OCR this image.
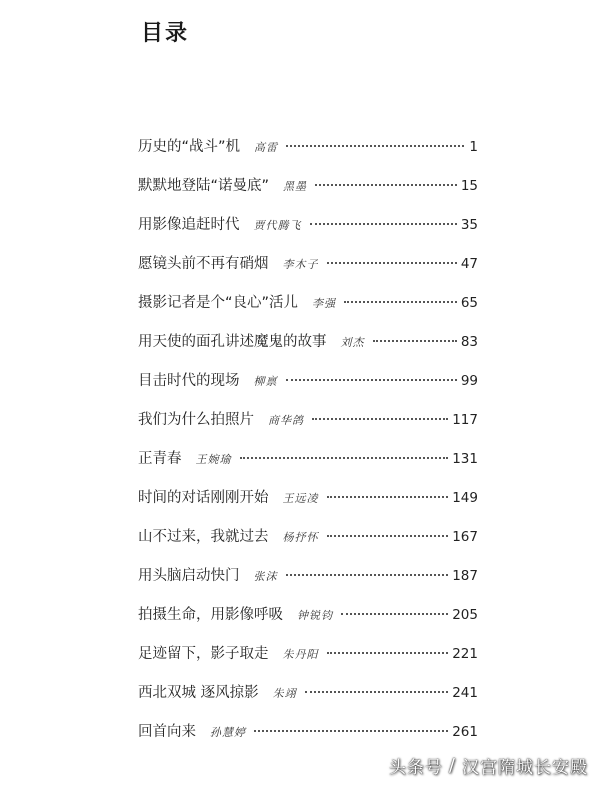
目录
历史的“战斗”机 高雷	1
默默地登陆“诺曼底” 黑墨	15
用影像追赶时代 贾代腾飞	35
愿镜头前不再有硝烟 李木子	47
摄影记者是个“良心”活儿 李强	65
用天使的面孔讲述魔鬼的故事 刘杰	83
目击时代的现场 柳禀	99
我们为什么拍照片 商华鸽	117
正青春 王婉瑜	131
时间的对话刚刚开始 王远凌	149
山不过来，我就过去 杨抒怀	167
用头脑启动快门 张沫	187
拍摄生命，用影像呼吸 钟锐钧	205
足迹留下，影子取走 朱丹阳	221
西北双城 逐风掠影 朱翊	241
回首向来 孙慧婷	261
头条号 / 汉宫隋城长安殿
